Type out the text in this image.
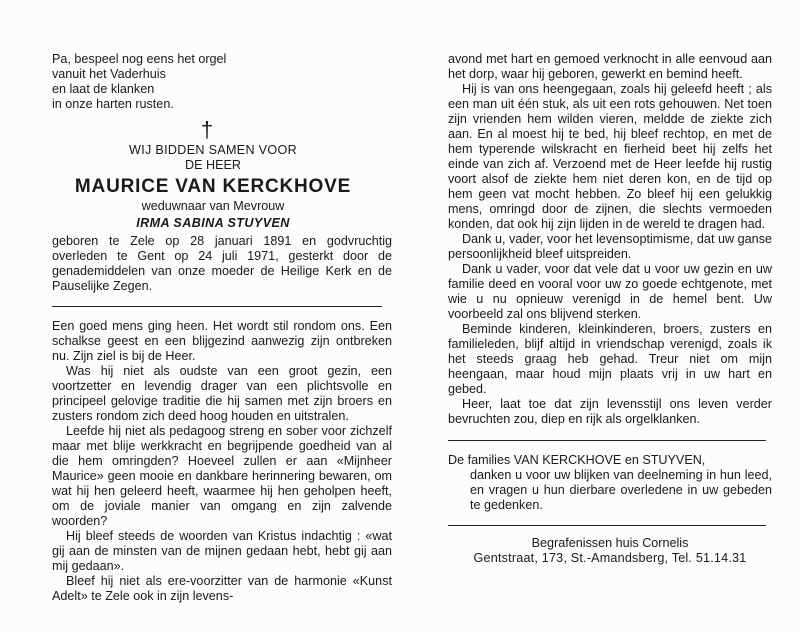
Pa, bespeel nog eens het orgel
vanuit het Vaderhuis
en laat de klanken
in onze harten rusten.
†
WIJ BIDDEN SAMEN VOOR
DE HEER
MAURICE VAN KERCKHOVE
weduwnaar van Mevrouw
IRMA SABINA STUYVEN

geboren te Zele op 28 januari 1891 en godvruchtig overleden te Gent op 24 juli 1971, gesterkt door de genademiddelen van onze moeder de Heilige Kerk en de Pauselijke Zegen.

Een goed mens ging heen. Het wordt stil rondom ons. Een schalkse geest en een blijgezind aanwezig zijn ontbreken nu. Zijn ziel is bij de Heer.

Was hij niet als oudste van een groot gezin, een voortzetter en levendig drager van een plichtsvolle en principeel gelovige traditie die hij samen met zijn broers en zusters rondom zich deed hoog houden en uitstralen.

Leefde hij niet als pedagoog streng en sober voor zichzelf maar met blije werkkracht en begrijpende goedheid van al die hem omringden? Hoeveel zullen er aan «Mijnheer Maurice» geen mooie en dankbare herinnering bewaren, om wat hij hen geleerd heeft, waarmee hij hen geholpen heeft, om de joviale manier van omgang en zijn zalvende woorden?

Hij bleef steeds de woorden van Kristus indachtig : «wat gij aan de minsten van de mijnen gedaan hebt, hebt gij aan mij gedaan».

Bleef hij niet als ere-voorzitter van de harmonie «Kunst Adelt» te Zele ook in zijn levens-

avond met hart en gemoed verknocht in alle eenvoud aan het dorp, waar hij geboren, gewerkt en bemind heeft.

Hij is van ons heengegaan, zoals hij geleefd heeft ; als een man uit één stuk, als uit een rots gehouwen. Net toen zijn vrienden hem wilden vieren, meldde de ziekte zich aan. En al moest hij te bed, hij bleef rechtop, en met de hem typerende wilskracht en fierheid beet hij zelfs het einde van zich af. Verzoend met de Heer leefde hij rustig voort alsof de ziekte hem niet deren kon, en de tijd op hem geen vat mocht hebben. Zo bleef hij een gelukkig mens, omringd door de zijnen, die slechts vermoeden konden, dat ook hij zijn lijden in de wereld te dragen had.

Dank u, vader, voor het levensoptimisme, dat uw ganse persoonlijkheid bleef uitspreiden.

Dank u vader, voor dat vele dat u voor uw gezin en uw familie deed en vooral voor uw zo goede echtgenote, met wie u nu opnieuw verenigd in de hemel bent. Uw voorbeeld zal ons blijvend sterken.

Beminde kinderen, kleinkinderen, broers, zusters en familieleden, blijf altijd in vriendschap verenigd, zoals ik het steeds graag heb gehad. Treur niet om mijn heengaan, maar houd mijn plaats vrij in uw hart en gebed.

Heer, laat toe dat zijn levensstijl ons leven verder bevruchten zou, diep en rijk als orgelklanken.

De families VAN KERCKHOVE en STUYVEN,
danken u voor uw blijken van deelneming in hun leed, en vragen u hun dierbare overledene in uw gebeden te gedenken.
Begrafenissen huis Cornelis
Gentstraat, 173, St.-Amandsberg, Tel. 51.14.31
